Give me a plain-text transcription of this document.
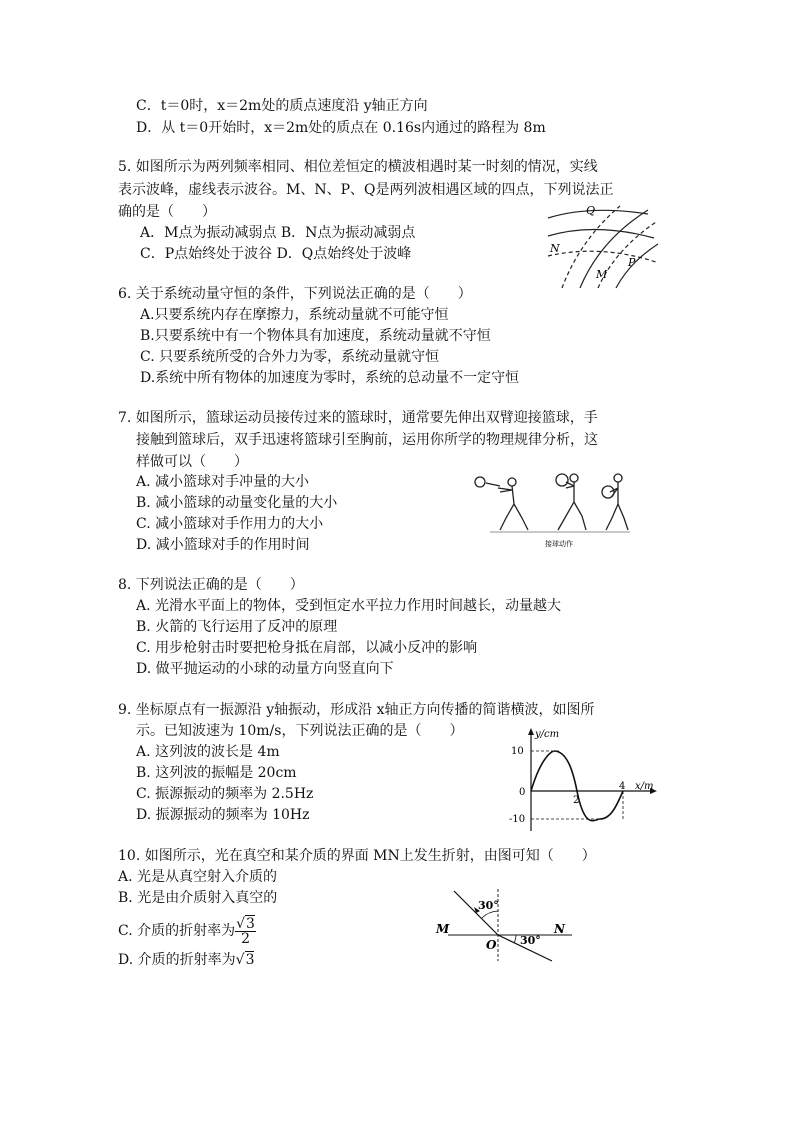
C．t＝0时，x＝2m处的质点速度沿 y轴正方向
D．从 t＝0开始时，x＝2m处的质点在 0.16s内通过的路程为 8m
5. 如图所示为两列频率相同、相位差恒定的横波相遇时某一时刻的情况，实线
表示波峰，虚线表示波谷。M、N、P、Q是两列波相遇区域的四点，下列说法正
确的是（　　）
A．M点为振动减弱点 B．N点为振动减弱点
C．P点始终处于波谷 D．Q点始终处于波峰
Q
N
M
P
6. 关于系统动量守恒的条件，下列说法正确的是（　　）
A.只要系统内存在摩擦力，系统动量就不可能守恒
B.只要系统中有一个物体具有加速度，系统动量就不守恒
C. 只要系统所受的合外力为零，系统动量就守恒
D.系统中所有物体的加速度为零时，系统的总动量不一定守恒
7. 如图所示，篮球运动员接传过来的篮球时，通常要先伸出双臂迎接篮球，手
接触到篮球后，双手迅速将篮球引至胸前，运用你所学的物理规律分析，这
样做可以（　　）
A. 减小篮球对手冲量的大小
B. 减小篮球的动量变化量的大小
C. 减小篮球对手作用力的大小
D. 减小篮球对手的作用时间	接球动作
8. 下列说法正确的是（　　）
A. 光滑水平面上的物体，受到恒定水平拉力作用时间越长，动量越大
B. 火箭的飞行运用了反冲的原理
C. 用步枪射击时要把枪身抵在肩部，以减小反冲的影响
D. 做平抛运动的小球的动量方向竖直向下
9. 坐标原点有一振源沿 y轴振动，形成沿 x轴正方向传播的简谐横波，如图所
示。已知波速为 10m/s，下列说法正确的是（　　）
A. 这列波的波长是 4m
B. 这列波的振幅是 20cm
C. 振源振动的频率为 2.5Hz
D. 振源振动的频率为 10Hz
y/cm
x/m
10
0
-10
2
4
10. 如图所示，光在真空和某介质的界面 MN上发生折射，由图可知（　　）
A. 光是从真空射入介质的
B. 光是由介质射入真空的
C. 介质的折射率为 $\frac{√3}{2}$
D. 介质的折射率为√3
30°
30°
M	N
O
